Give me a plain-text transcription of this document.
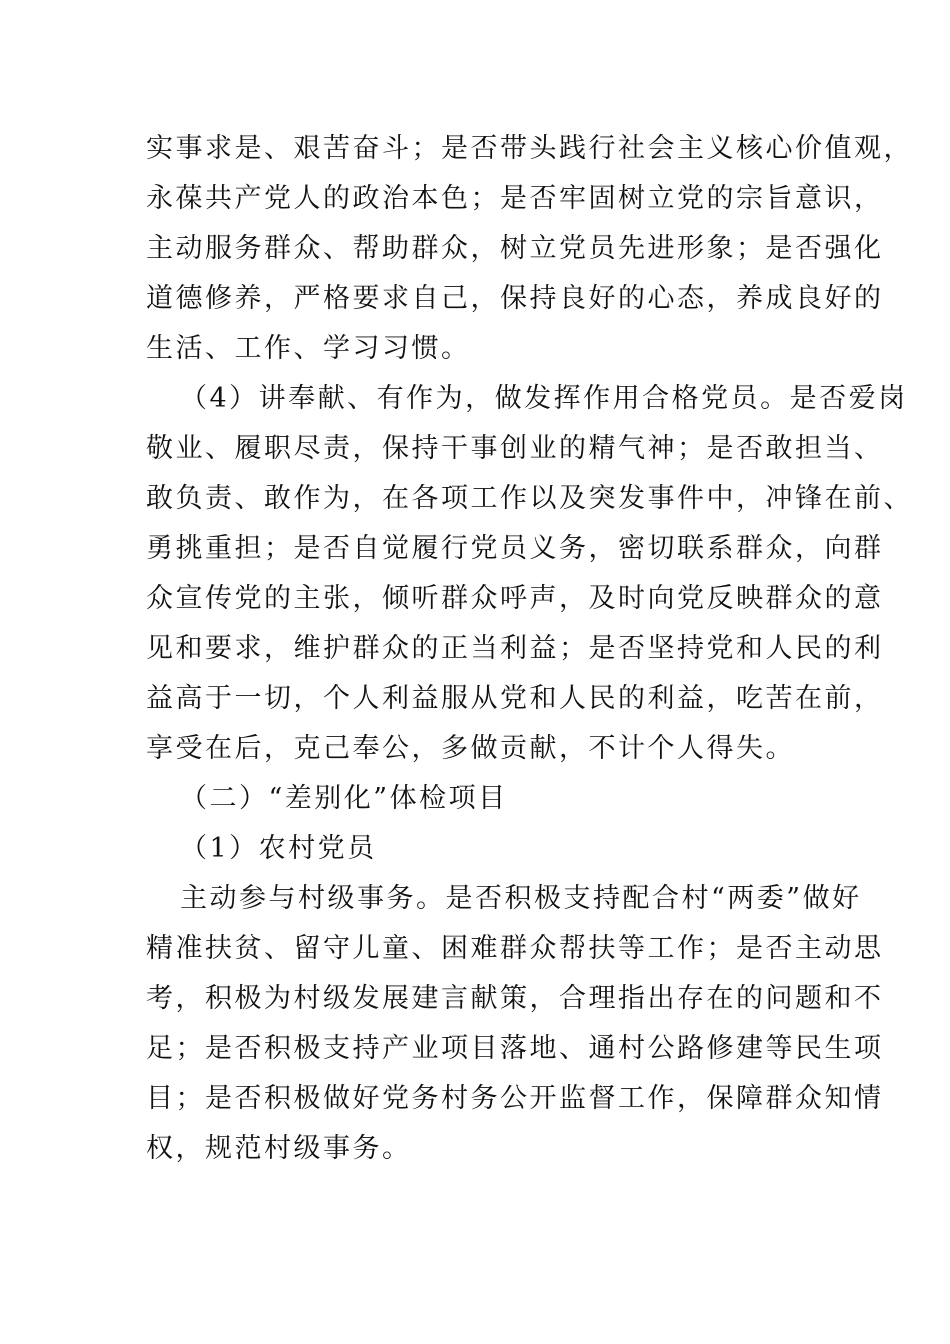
实事求是、艰苦奋斗；是否带头践行社会主义核心价值观，
永葆共产党人的政治本色；是否牢固树立党的宗旨意识，
主动服务群众、帮助群众，树立党员先进形象；是否强化
道德修养，严格要求自己，保持良好的心态，养成良好的
生活、工作、学习习惯。
（4）讲奉献、有作为，做发挥作用合格党员。是否爱岗
敬业、履职尽责，保持干事创业的精气神；是否敢担当、
敢负责、敢作为，在各项工作以及突发事件中，冲锋在前、
勇挑重担；是否自觉履行党员义务，密切联系群众，向群
众宣传党的主张，倾听群众呼声，及时向党反映群众的意
见和要求，维护群众的正当利益；是否坚持党和人民的利
益高于一切，个人利益服从党和人民的利益，吃苦在前，
享受在后，克己奉公，多做贡献，不计个人得失。
（二）“差别化”体检项目
（1）农村党员
主动参与村级事务。是否积极支持配合村“两委”做好
精准扶贫、留守儿童、困难群众帮扶等工作；是否主动思
考，积极为村级发展建言献策，合理指出存在的问题和不
足；是否积极支持产业项目落地、通村公路修建等民生项
目；是否积极做好党务村务公开监督工作，保障群众知情
权，规范村级事务。
